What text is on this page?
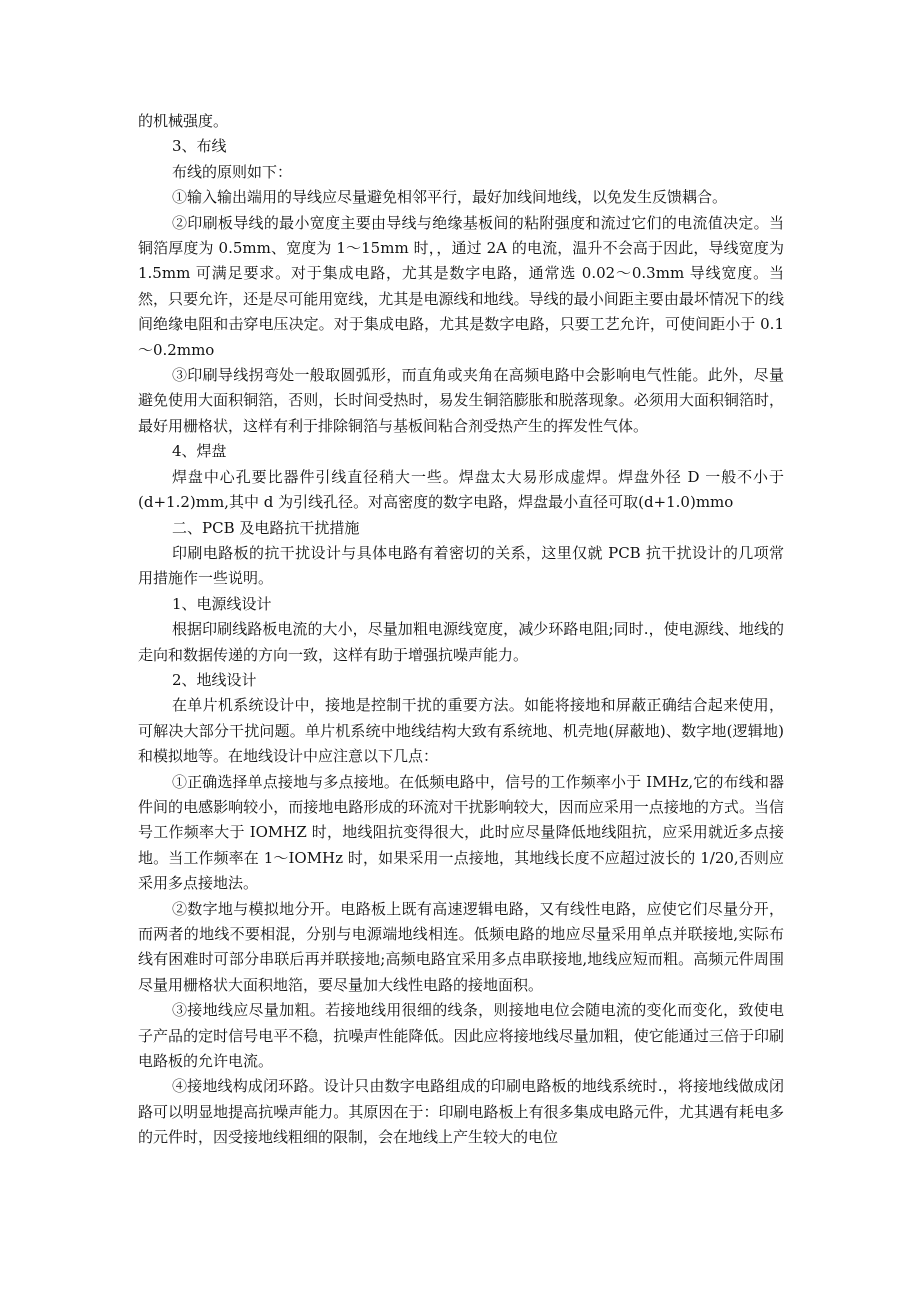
的机械强度。

3、布线

布线的原则如下：

①输入输出端用的导线应尽量避免相邻平行，最好加线间地线，以免发生反馈耦合。

②印刷板导线的最小宽度主要由导线与绝缘基板间的粘附强度和流过它们的电流值决定。当铜箔厚度为 0.5mm、宽度为 1～15mm 时，，通过 2A 的电流，温升不会高于因此，导线宽度为 1.5mm 可满足要求。对于集成电路，尤其是数字电路，通常选 0.02～0.3mm 导线宽度。当然，只要允许，还是尽可能用宽线，尤其是电源线和地线。导线的最小间距主要由最坏情况下的线间绝缘电阻和击穿电压决定。对于集成电路，尤其是数字电路，只要工艺允许，可使间距小于 0.1～0.2mmo

③印刷导线拐弯处一般取圆弧形，而直角或夹角在高频电路中会影响电气性能。此外，尽量避免使用大面积铜箔，否则，长时间受热时，易发生铜箔膨胀和脱落现象。必须用大面积铜箔时，最好用栅格状，这样有利于排除铜箔与基板间粘合剂受热产生的挥发性气体。

4、焊盘

焊盘中心孔要比器件引线直径稍大一些。焊盘太大易形成虚焊。焊盘外径 D 一般不小于(d+1.2)mm,其中 d 为引线孔径。对高密度的数字电路，焊盘最小直径可取(d+1.0)mmo

二、PCB 及电路抗干扰措施

印刷电路板的抗干扰设计与具体电路有着密切的关系，这里仅就 PCB 抗干扰设计的几项常用措施作一些说明。

1、电源线设计

根据印刷线路板电流的大小，尽量加粗电源线宽度，减少环路电阻;同时.，使电源线、地线的走向和数据传递的方向一致，这样有助于增强抗噪声能力。

2、地线设计

在单片机系统设计中，接地是控制干扰的重要方法。如能将接地和屏蔽正确结合起来使用，可解决大部分干扰问题。单片机系统中地线结构大致有系统地、机壳地(屏蔽地)、数字地(逻辑地)和模拟地等。在地线设计中应注意以下几点：

①正确选择单点接地与多点接地。在低频电路中，信号的工作频率小于 IMHz,它的布线和器件间的电感影响较小，而接地电路形成的环流对干扰影响较大，因而应采用一点接地的方式。当信号工作频率大于 IOMHZ 时，地线阻抗变得很大，此时应尽量降低地线阻抗，应采用就近多点接地。当工作频率在 1～IOMHz 时，如果采用一点接地，其地线长度不应超过波长的 1/20,否则应采用多点接地法。

②数字地与模拟地分开。电路板上既有高速逻辑电路，又有线性电路，应使它们尽量分开，而两者的地线不要相混，分别与电源端地线相连。低频电路的地应尽量采用单点并联接地,实际布线有困难时可部分串联后再并联接地;高频电路宜采用多点串联接地,地线应短而粗。高频元件周围尽量用栅格状大面积地箔，要尽量加大线性电路的接地面积。

③接地线应尽量加粗。若接地线用很细的线条，则接地电位会随电流的变化而变化，致使电子产品的定时信号电平不稳，抗噪声性能降低。因此应将接地线尽量加粗，使它能通过三倍于印刷电路板的允许电流。

④接地线构成闭环路。设计只由数字电路组成的印刷电路板的地线系统时.，将接地线做成闭路可以明显地提高抗噪声能力。其原因在于：印刷电路板上有很多集成电路元件，尤其遇有耗电多的元件时，因受接地线粗细的限制，会在地线上产生较大的电位
